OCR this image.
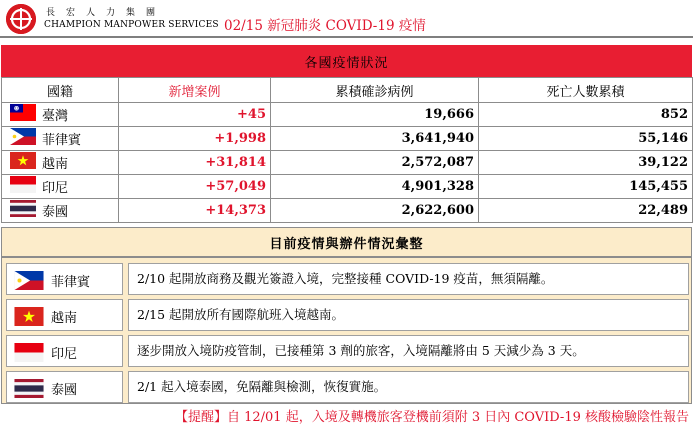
長宏人力集團
CHAMPION MANPOWER SERVICES 02/15 新冠肺炎 COVID-19 疫情
各國疫情狀況
國籍	新增案例	累積確診病例	死亡人數累積
臺灣	+45	19,666	852
菲律賓	+1,998	3,641,940	55,146
越南	+31,814	2,572,087	39,122
印尼	+57,049	4,901,328	145,455
泰國	+14,373	2,622,600	22,489
目前疫情與辦件情況彙整
菲律賓	2/10 起開放商務及觀光簽證入境，完整接種 COVID-19 疫苗，無須隔離。
越南	2/15 起開放所有國際航班入境越南。
印尼	逐步開放入境防疫管制，已接種第 3 劑的旅客，入境隔離將由 5 天減少為 3 天。
泰國	2/1 起入境泰國，免隔離與檢測，恢復實施。
【提醒】自 12/01 起，入境及轉機旅客登機前須附 3 日內 COVID-19 核酸檢驗陰性報告
